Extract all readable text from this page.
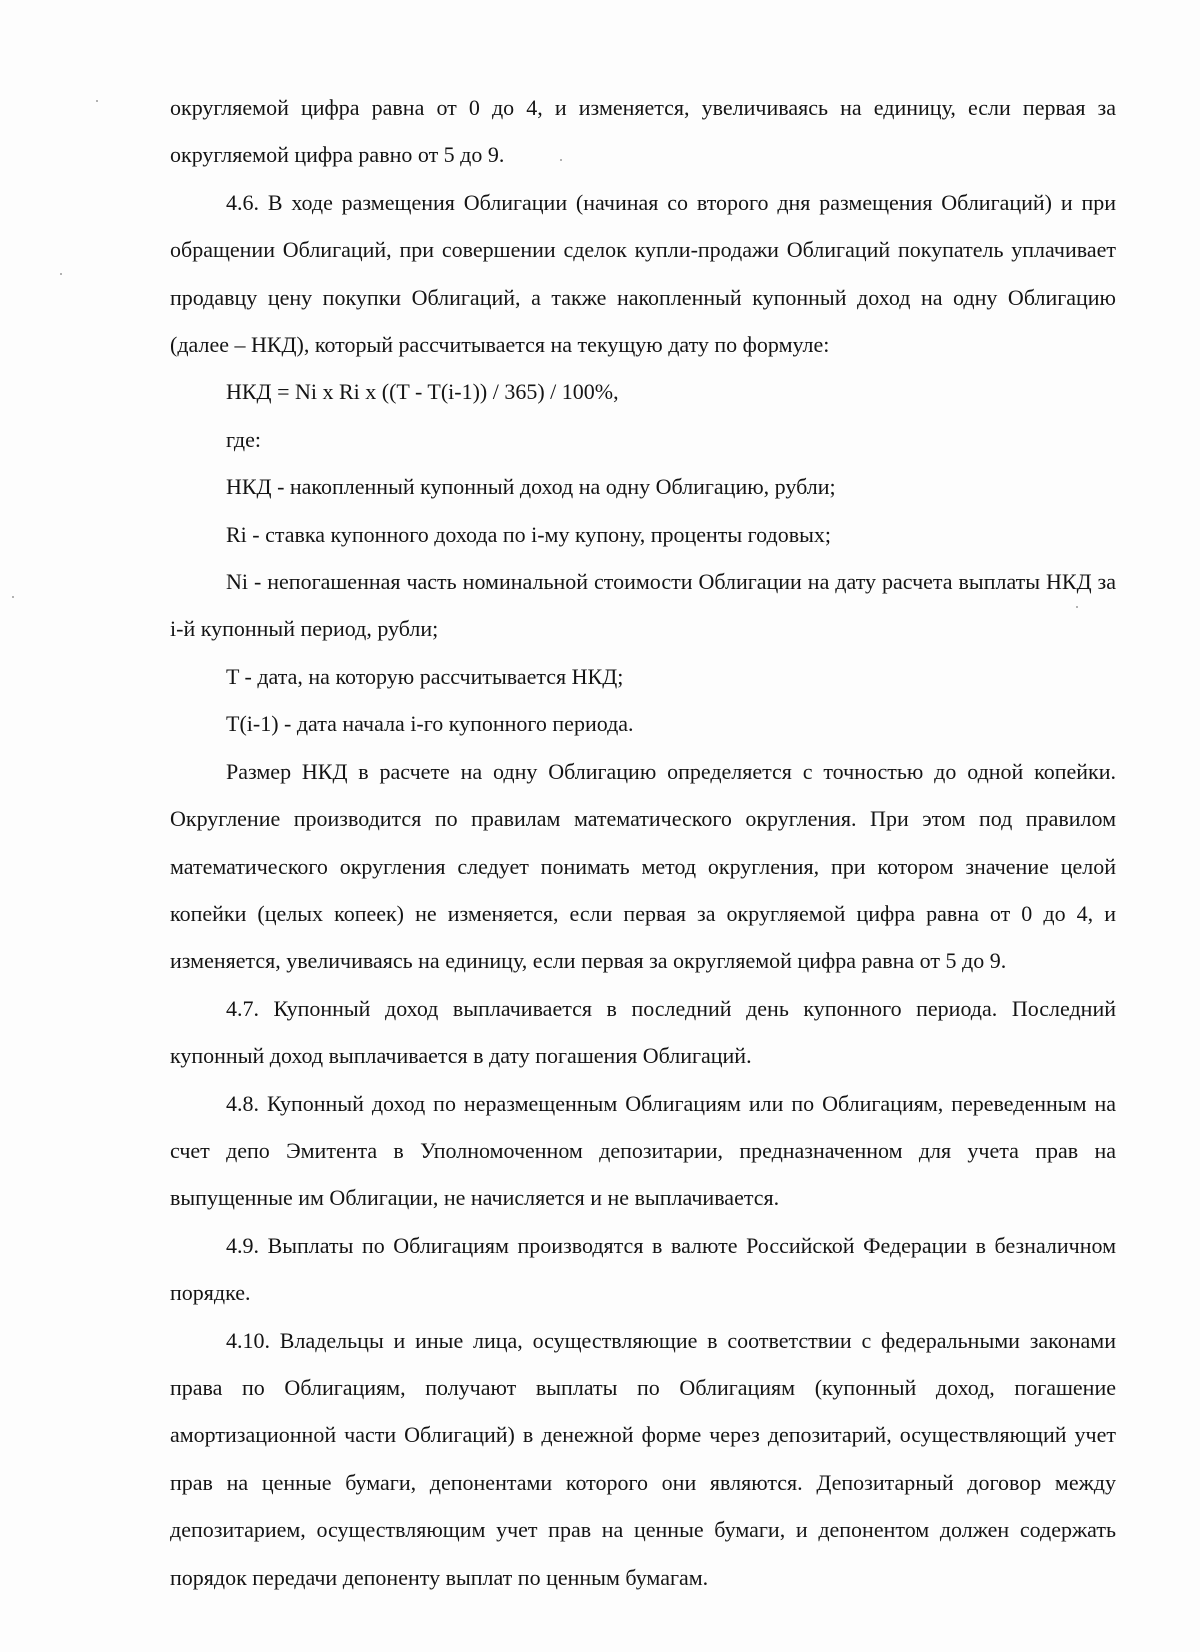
округляемой цифра равна от 0 до 4, и изменяется, увеличиваясь на единицу, если первая за округляемой цифра равно от 5 до 9.

4.6. В ходе размещения Облигации (начиная со второго дня размещения Облигаций) и при обращении Облигаций, при совершении сделок купли-продажи Облигаций покупатель уплачивает продавцу цену покупки Облигаций, а также накопленный купонный доход на одну Облигацию (далее – НКД), который рассчитывается на текущую дату по формуле:

НКД = Ni x Ri x ((T - T(i-1)) / 365) / 100%,

где:

НКД - накопленный купонный доход на одну Облигацию, рубли;

Ri - ставка купонного дохода по i-му купону, проценты годовых;

Ni - непогашенная часть номинальной стоимости Облигации на дату расчета выплаты НКД за i-й купонный период, рубли;

T - дата, на которую рассчитывается НКД;

T(i-1) - дата начала i-го купонного периода.

Размер НКД в расчете на одну Облигацию определяется с точностью до одной копейки. Округление производится по правилам математического округления. При этом под правилом математического округления следует понимать метод округления, при котором значение целой копейки (целых копеек) не изменяется, если первая за округляемой цифра равна от 0 до 4, и изменяется, увеличиваясь на единицу, если первая за округляемой цифра равна от 5 до 9.

4.7. Купонный доход выплачивается в последний день купонного периода. Последний купонный доход выплачивается в дату погашения Облигаций.

4.8. Купонный доход по неразмещенным Облигациям или по Облигациям, переведенным на счет депо Эмитента в Уполномоченном депозитарии, предназначенном для учета прав на выпущенные им Облигации, не начисляется и не выплачивается.

4.9. Выплаты по Облигациям производятся в валюте Российской Федерации в безналичном порядке.

4.10. Владельцы и иные лица, осуществляющие в соответствии с федеральными законами права по Облигациям, получают выплаты по Облигациям (купонный доход, погашение амортизационной части Облигаций) в денежной форме через депозитарий, осуществляющий учет прав на ценные бумаги, депонентами которого они являются. Депозитарный договор между депозитарием, осуществляющим учет прав на ценные бумаги, и депонентом должен содержать порядок передачи депоненту выплат по ценным бумагам.
